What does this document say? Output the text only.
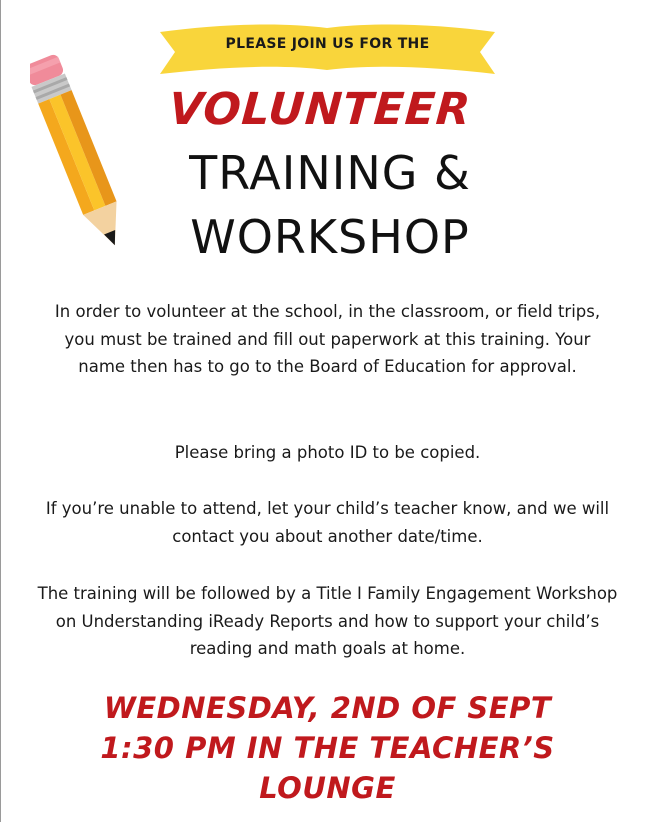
PLEASE JOIN US FOR THE
VOLUNTEER
TRAINING &
WORKSHOP
In order to volunteer at the school, in the classroom, or field trips, you must be trained and fill out paperwork at this training. Your name then has to go to the Board of Education for approval.
Please bring a photo ID to be copied.
If you’re unable to attend, let your child’s teacher know, and we will contact you about another date/time.
The training will be followed by a Title I Family Engagement Workshop on Understanding iReady Reports and how to support your child’s reading and math goals at home.
WEDNESDAY, 2ND OF SEPT
1:30 PM IN THE TEACHER’S
LOUNGE
